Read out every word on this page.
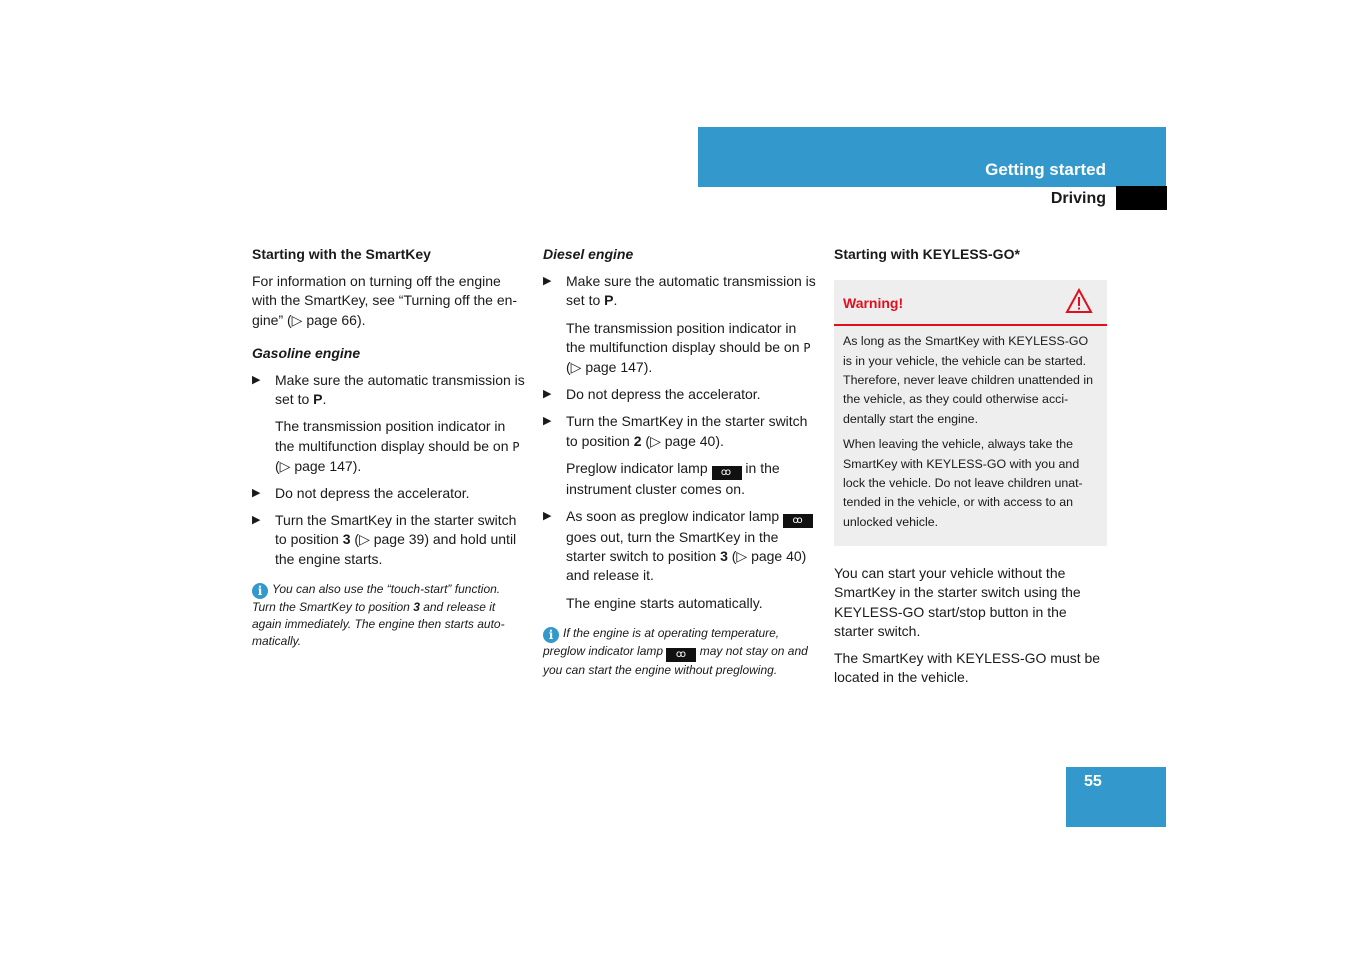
Getting started
Driving
Starting with the SmartKey

For information on turning off the engine with the SmartKey, see “Turning off the en-gine” (▷ page 66).

Gasoline engine
▶ Make sure the automatic transmission is set to P.
The transmission position indicator in the multifunction display should be on P (▷ page 147).
▶ Do not depress the accelerator.
▶ Turn the SmartKey in the starter switch to position 3 (▷ page 39) and hold until the engine starts.
i You can also use the “touch-start” function. Turn the SmartKey to position 3 and release it again immediately. The engine then starts auto-matically.
Diesel engine
▶ Make sure the automatic transmission is set to P.
The transmission position indicator in the multifunction display should be on P (▷ page 147).
▶ Do not depress the accelerator.
▶ Turn the SmartKey in the starter switch to position 2 (▷ page 40).
Preglow indicator lamp ꝏ in the instrument cluster comes on.
▶ As soon as preglow indicator lamp ꝏ goes out, turn the SmartKey in the starter switch to position 3 (▷ page 40) and release it.
The engine starts automatically.
i If the engine is at operating temperature, preglow indicator lamp ꝏ may not stay on and you can start the engine without preglowing.
Starting with KEYLESS-GO*
Warning!

As long as the SmartKey with KEYLESS-GO is in your vehicle, the vehicle can be started. Therefore, never leave children unattended in the vehicle, as they could otherwise acci-dentally start the engine.

When leaving the vehicle, always take the SmartKey with KEYLESS-GO with you and lock the vehicle. Do not leave children unat-tended in the vehicle, or with access to an unlocked vehicle.

You can start your vehicle without the SmartKey in the starter switch using the KEYLESS-GO start/stop button in the starter switch.

The SmartKey with KEYLESS-GO must be located in the vehicle.

55
